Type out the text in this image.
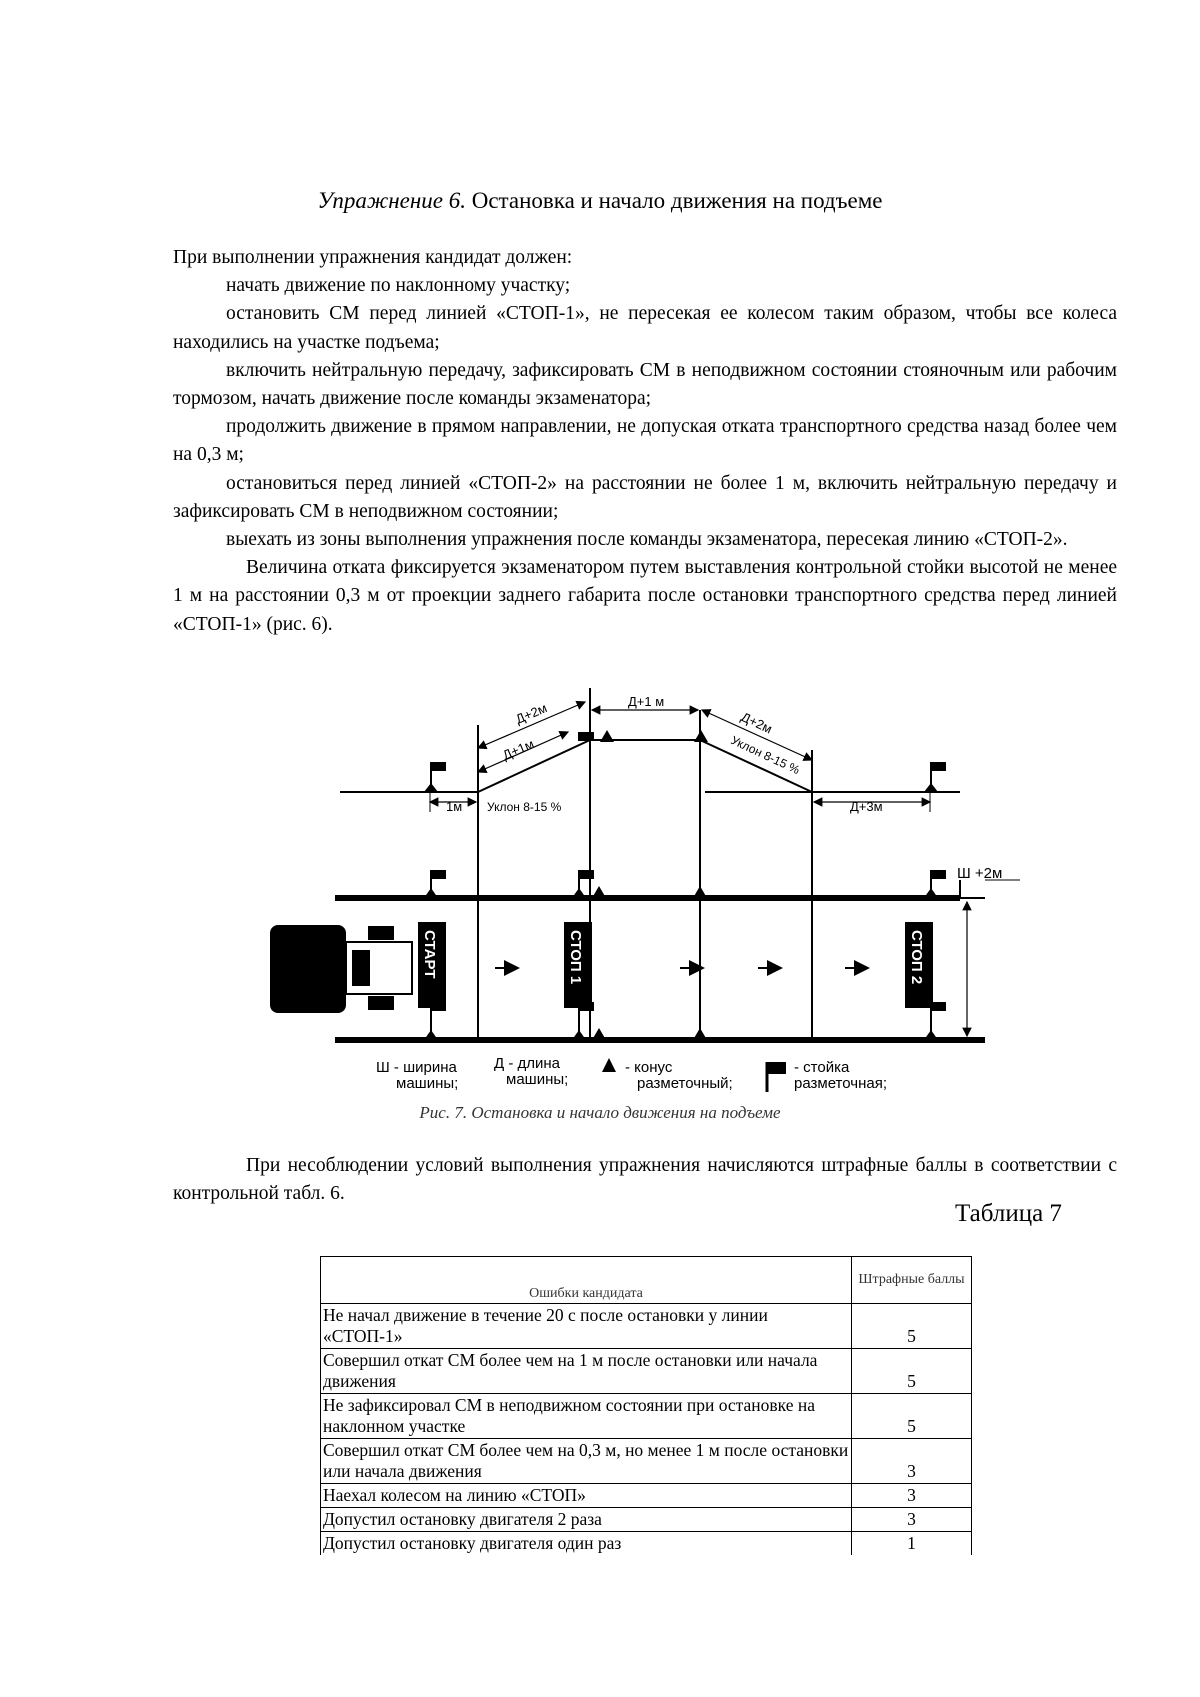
Упражнение 6. Остановка и начало движения на подъеме

При выполнении упражнения кандидат должен:

начать движение по наклонному участку;

остановить СМ перед линией «СТОП-1», не пересекая ее колесом таким образом, чтобы все колеса находились на участке подъема;

включить нейтральную передачу, зафиксировать СМ в неподвижном состоянии стояночным или рабочим тормозом, начать движение после команды экзаменатора;

продолжить движение в прямом направлении, не допуская отката транспортного средства назад более чем на 0,3 м;

остановиться перед линией «СТОП-2» на расстоянии не более 1 м, включить нейтральную передачу и зафиксировать СМ в неподвижном состоянии;

выехать из зоны выполнения упражнения после команды экзаменатора, пересекая линию «СТОП-2».

Величина отката фиксируется экзаменатором путем выставления контрольной стойки высотой не менее 1 м на расстоянии 0,3 м от проекции заднего габарита после остановки транспортного средства перед линией «СТОП-1» (рис. 6).

Д+2м
Д+1м
Д+1 м
Д+2м
Уклон 8-15 %
1м Уклон 8-15 %	Д+3м
Ш +2м
СТАРТ	СТОП 1	СТОП 2
Ш - ширина
машины;
Д - длина
машины;
- конус
разметочный;
- стойка
разметочная;
Рис. 7. Остановка и начало движения на подъеме

При несоблюдении условий выполнения упражнения начисляются штрафные баллы в соответствии с контрольной табл. 6.

Таблица 7
Ошибки кандидата	Штрафные баллы
Не начал движение в течение 20 с после остановки у линии «СТОП-1»	5
Совершил откат СМ более чем на 1 м после остановки или начала движения	5
Не зафиксировал СМ в неподвижном состоянии при остановке на наклонном участке	5
Совершил откат СМ более чем на 0,3 м, но менее 1 м после остановки или начала движения	3
Наехал колесом на линию «СТОП»	3
Допустил остановку двигателя 2 раза	3
Допустил остановку двигателя один раз	1
